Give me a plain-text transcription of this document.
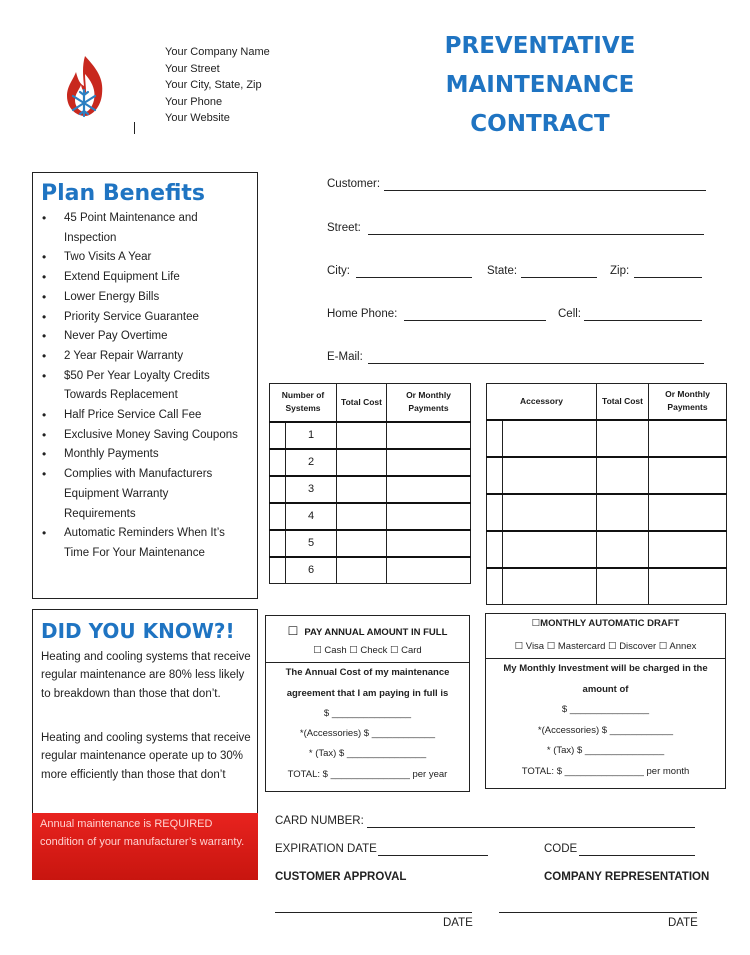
Your Company Name
Your Street
Your City, State, Zip
Your Phone
Your Website
PREVENTATIVE
MAINTENANCE
CONTRACT
Plan Benefits
• 45 Point Maintenance and
Inspection
• Two Visits A Year
• Extend Equipment Life
• Lower Energy Bills
• Priority Service Guarantee
• Never Pay Overtime
• 2 Year Repair Warranty
• $50 Per Year Loyalty Credits
Towards Replacement
• Half Price Service Call Fee
• Exclusive Money Saving Coupons
• Monthly Payments
• Complies with Manufacturers
Equipment Warranty
Requirements
• Automatic Reminders When It’s
Time For Your Maintenance
Customer:
Street:
City:	State:	Zip:
Home Phone:	Cell:
E-Mail:
Number of Systems		Total Cost	Or Monthly Payments
	1		
	2		
	3		
	4		
	5		
	6		
Accessory		Total Cost	Or Monthly Payments

DID YOU KNOW?!

Heating and cooling systems that receive regular maintenance are 80% less likely to breakdown than those that don’t.

Heating and cooling systems that receive regular maintenance operate up to 30% more efficiently than those that don’t

Annual maintenance is REQUIRED condition of your manufacturer’s warranty.
☐ PAY ANNUAL AMOUNT IN FULL
☐ Cash ☐ Check ☐ Card
The Annual Cost of my maintenance
agreement that I am paying in full is
$ _______________
*(Accessories) $ ____________
* (Tax) $ _______________
TOTAL: $ _______________ per year
☐MONTHLY AUTOMATIC DRAFT
☐ Visa ☐ Mastercard ☐ Discover ☐ Annex
My Monthly Investment will be charged in the
amount of
$ _______________
*(Accessories) $ ____________
* (Tax) $ _______________
TOTAL: $ _______________ per month
CARD NUMBER:
EXPIRATION DATE	CODE
CUSTOMER APPROVAL	COMPANY REPRESENTATION
DATE	DATE
